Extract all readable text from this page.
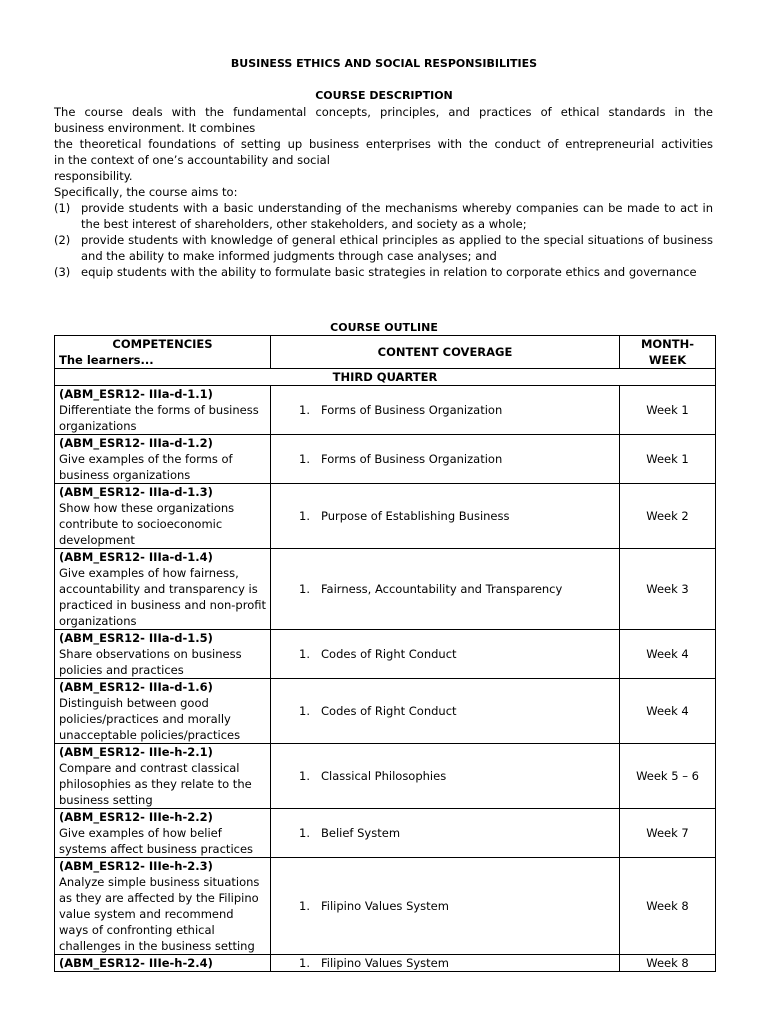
BUSINESS ETHICS AND SOCIAL RESPONSIBILITIES
COURSE DESCRIPTION

The course deals with the fundamental concepts, principles, and practices of ethical standards in the

business environment. It combines

the theoretical foundations of setting up business enterprises with the conduct of entrepreneurial activities

in the context of one’s accountability and social

responsibility.

Specifically, the course aims to:

(1) provide students with a basic understanding of the mechanisms whereby companies can be made to act in the best interest of shareholders, other stakeholders, and society as a whole;
(2) provide students with knowledge of general ethical principles as applied to the special situations of business and the ability to make informed judgments through case analyses; and
(3) equip students with the ability to formulate basic strategies in relation to corporate ethics and governance
COURSE OUTLINE
COMPETENCIES
The learners...	CONTENT COVERAGE	MONTH-
WEEK

THIRD QUARTER		

(ABM_ESR12- IIIa-d-1.1)
Differentiate the forms of business organizations	1. Forms of Business Organization	Week 1

(ABM_ESR12- IIIa-d-1.2)
Give examples of the forms of business organizations	1. Forms of Business Organization	Week 1

(ABM_ESR12- IIIa-d-1.3)
Show how these organizations contribute to socioeconomic development	1. Purpose of Establishing Business	Week 2

(ABM_ESR12- IIIa-d-1.4)
Give examples of how fairness, accountability and transparency is practiced in business and non-profit organizations	1. Fairness, Accountability and Transparency	Week 3

(ABM_ESR12- IIIa-d-1.5)
Share observations on business policies and practices	1. Codes of Right Conduct	Week 4

(ABM_ESR12- IIIa-d-1.6)
Distinguish between good policies/practices and morally unacceptable policies/practices	1. Codes of Right Conduct	Week 4

(ABM_ESR12- IIIe-h-2.1)
Compare and contrast classical philosophies as they relate to the business setting	1. Classical Philosophies	Week 5 – 6

(ABM_ESR12- IIIe-h-2.2)
Give examples of how belief systems affect business practices	1. Belief System	Week 7

(ABM_ESR12- IIIe-h-2.3)
Analyze simple business situations as they are affected by the Filipino value system and recommend ways of confronting ethical challenges in the business setting	1. Filipino Values System	Week 8

(ABM_ESR12- IIIe-h-2.4)	1. Filipino Values System	Week 8
